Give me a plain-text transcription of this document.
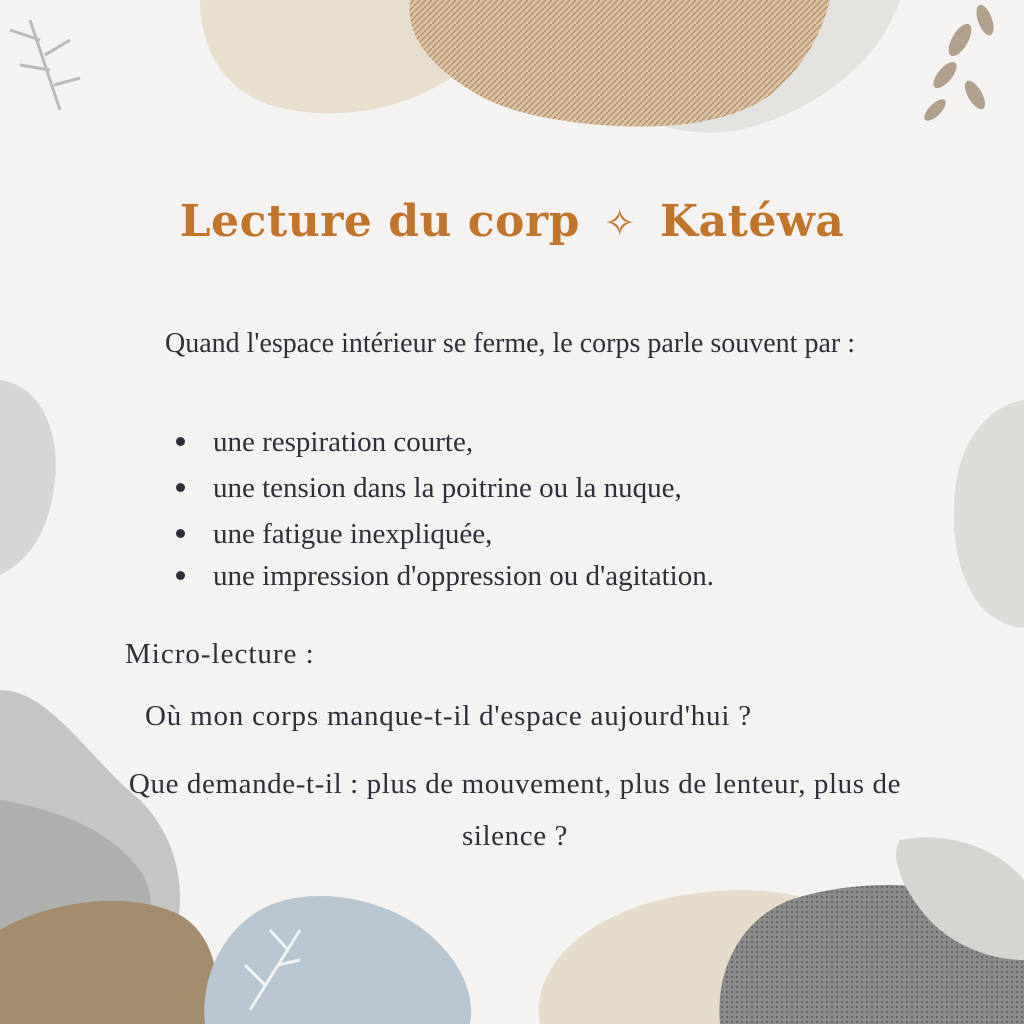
Lecture du corp ✧ Katéwa
Quand l'espace intérieur se ferme, le corps parle souvent par :
une respiration courte,
une tension dans la poitrine ou la nuque,
une fatigue inexpliquée,
une impression d'oppression ou d'agitation.
Micro-lecture :
Où mon corps manque-t-il d'espace aujourd'hui ?
Que demande-t-il : plus de mouvement, plus de lenteur, plus de silence ?
